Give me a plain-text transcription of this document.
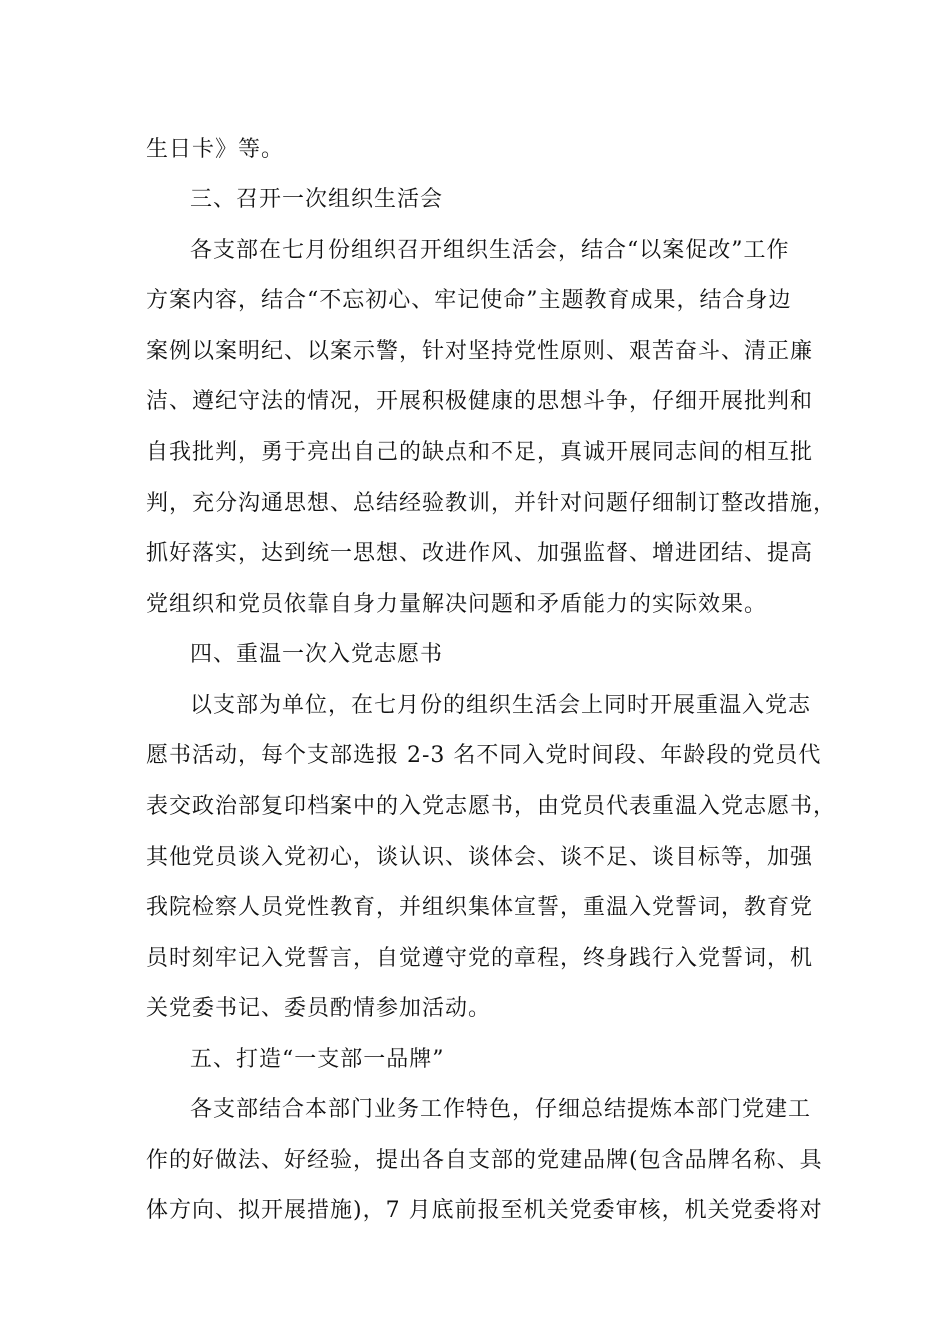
生日卡》等。
三、召开一次组织生活会
各支部在七月份组织召开组织生活会，结合“以案促改”工作
方案内容，结合“不忘初心、牢记使命”主题教育成果，结合身边
案例以案明纪、以案示警，针对坚持党性原则、艰苦奋斗、清正廉
洁、遵纪守法的情况，开展积极健康的思想斗争，仔细开展批判和
自我批判，勇于亮出自己的缺点和不足，真诚开展同志间的相互批
判，充分沟通思想、总结经验教训，并针对问题仔细制订整改措施，
抓好落实，达到统一思想、改进作风、加强监督、增进团结、提高
党组织和党员依靠自身力量解决问题和矛盾能力的实际效果。
四、重温一次入党志愿书
以支部为单位，在七月份的组织生活会上同时开展重温入党志
愿书活动，每个支部选报 2-3 名不同入党时间段、年龄段的党员代
表交政治部复印档案中的入党志愿书，由党员代表重温入党志愿书，
其他党员谈入党初心，谈认识、谈体会、谈不足、谈目标等，加强
我院检察人员党性教育，并组织集体宣誓，重温入党誓词，教育党
员时刻牢记入党誓言，自觉遵守党的章程，终身践行入党誓词，机
关党委书记、委员酌情参加活动。
五、打造“一支部一品牌”
各支部结合本部门业务工作特色，仔细总结提炼本部门党建工
作的好做法、好经验，提出各自支部的党建品牌(包含品牌名称、具
体方向、拟开展措施)，7 月底前报至机关党委审核，机关党委将对
